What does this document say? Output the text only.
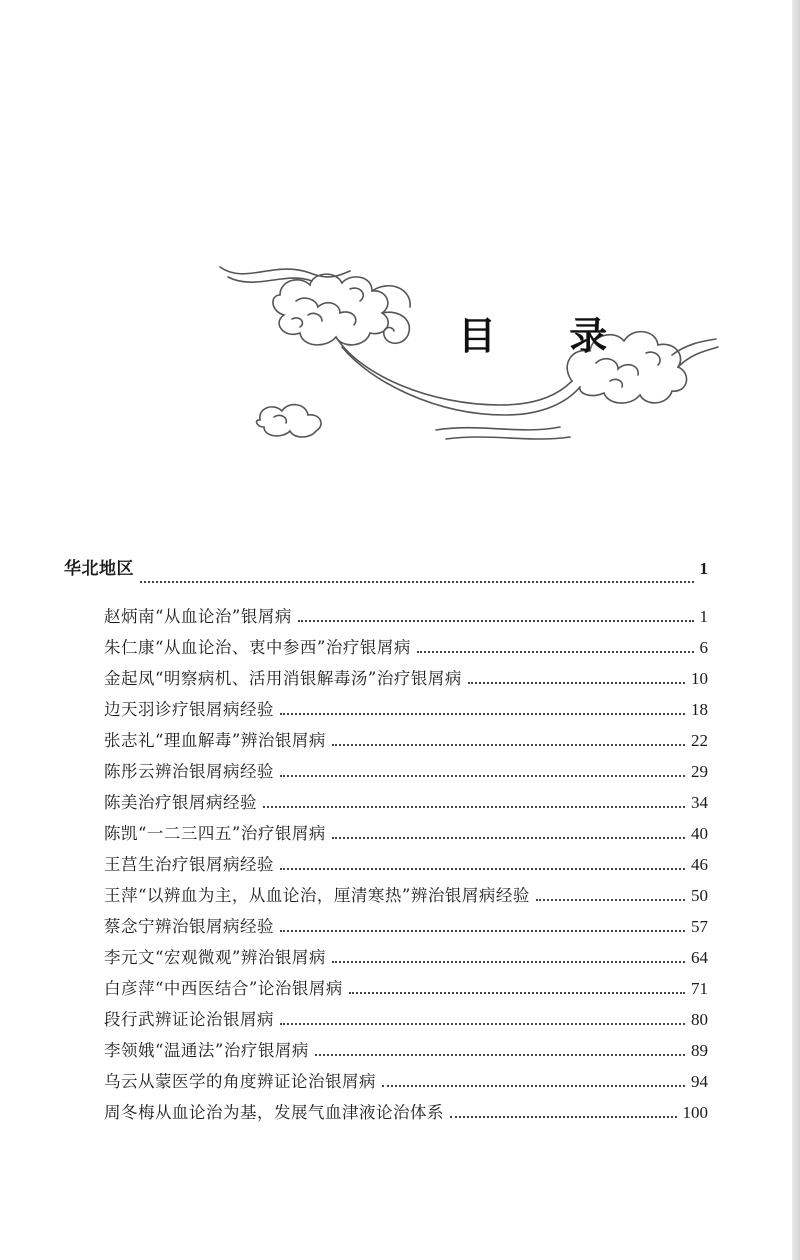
目 录
华北地区	1
赵炳南“从血论治”银屑病	1
朱仁康“从血论治、衷中参西”治疗银屑病	6
金起凤“明察病机、活用消银解毒汤”治疗银屑病	10
边天羽诊疗银屑病经验	18
张志礼“理血解毒”辨治银屑病	22
陈彤云辨治银屑病经验	29
陈美治疗银屑病经验	34
陈凯“一二三四五”治疗银屑病	40
王莒生治疗银屑病经验	46
王萍“以辨血为主，从血论治，厘清寒热”辨治银屑病经验	50
蔡念宁辨治银屑病经验	57
李元文“宏观微观”辨治银屑病	64
白彦萍“中西医结合”论治银屑病	71
段行武辨证论治银屑病	80
李领娥“温通法”治疗银屑病	89
乌云从蒙医学的角度辨证论治银屑病	94
周冬梅从血论治为基，发展气血津液论治体系	100
